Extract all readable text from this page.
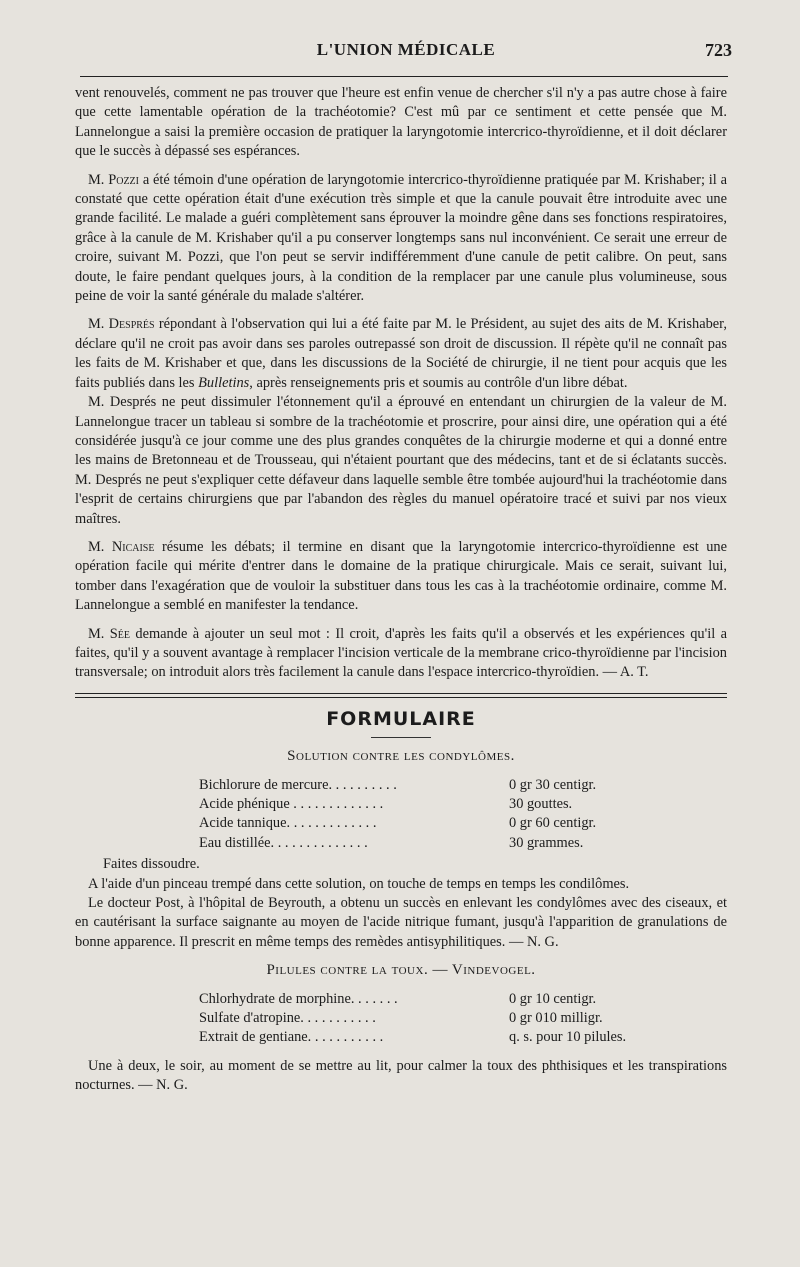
L'UNION MÉDICALE	723

vent renouvelés, comment ne pas trouver que l'heure est enfin venue de chercher s'il n'y a pas autre chose à faire que cette lamentable opération de la trachéotomie? C'est mû par ce sentiment et cette pensée que M. Lannelongue a saisi la première occasion de pratiquer la laryngotomie intercrico-thyroïdienne, et il doit déclarer que le succès à dépassé ses espérances.

M. Pozzi a été témoin d'une opération de laryngotomie intercrico-thyroïdienne pratiquée par M. Krishaber; il a constaté que cette opération était d'une exécution très simple et que la canule pouvait être introduite avec une grande facilité. Le malade a guéri complètement sans éprouver la moindre gêne dans ses fonctions respiratoires, grâce à la canule de M. Krishaber qu'il a pu conserver longtemps sans nul inconvénient. Ce serait une erreur de croire, suivant M. Pozzi, que l'on peut se servir indifféremment d'une canule de petit calibre. On peut, sans doute, le faire pendant quelques jours, à la condition de la remplacer par une canule plus volumineuse, sous peine de voir la santé générale du malade s'altérer.

M. Després répondant à l'observation qui lui a été faite par M. le Président, au sujet des aits de M. Krishaber, déclare qu'il ne croit pas avoir dans ses paroles outrepassé son droit de discussion. Il répète qu'il ne connaît pas les faits de M. Krishaber et que, dans les discussions de la Société de chirurgie, il ne tient pour acquis que les faits publiés dans les Bulletins, après renseignements pris et soumis au contrôle d'un libre débat.

M. Després ne peut dissimuler l'étonnement qu'il a éprouvé en entendant un chirurgien de la valeur de M. Lannelongue tracer un tableau si sombre de la trachéotomie et proscrire, pour ainsi dire, une opération qui a été considérée jusqu'à ce jour comme une des plus grandes conquêtes de la chirurgie moderne et qui a donné entre les mains de Bretonneau et de Trousseau, qui n'étaient pourtant que des médecins, tant et de si éclatants succès. M. Després ne peut s'expliquer cette défaveur dans laquelle semble être tombée aujourd'hui la trachéotomie dans l'esprit de certains chirurgiens que par l'abandon des règles du manuel opératoire tracé et suivi par nos vieux maîtres.

M. Nicaise résume les débats; il termine en disant que la laryngotomie intercrico-thyroïdienne est une opération facile qui mérite d'entrer dans le domaine de la pratique chirurgicale. Mais ce serait, suivant lui, tomber dans l'exagération que de vouloir la substituer dans tous les cas à la trachéotomie ordinaire, comme M. Lannelongue a semblé en manifester la tendance.

M. Sée demande à ajouter un seul mot : Il croit, d'après les faits qu'il a observés et les expériences qu'il a faites, qu'il y a souvent avantage à remplacer l'incision verticale de la membrane crico-thyroïdienne par l'incision transversale; on introduit alors très facilement la canule dans l'espace intercrico-thyroïdien. — A. T.

FORMULAIRE
Solution contre les condylômes.
Bichlorure de mercure. . . . . . . . . .	0 gr 30 centigr.
Acide phénique . . . . . . . . . . . . .	30 gouttes.
Acide tannique. . . . . . . . . . . . .	0 gr 60 centigr.
Eau distillée. . . . . . . . . . . . . .	30 grammes.

Faites dissoudre.

A l'aide d'un pinceau trempé dans cette solution, on touche de temps en temps les condilômes.

Le docteur Post, à l'hôpital de Beyrouth, a obtenu un succès en enlevant les condylômes avec des ciseaux, et en cautérisant la surface saignante au moyen de l'acide nitrique fumant, jusqu'à l'apparition de granulations de bonne apparence. Il prescrit en même temps des remèdes antisyphilitiques. — N. G.

Pilules contre la toux. — Vindevogel.
Chlorhydrate de morphine. . . . . . .	0 gr 10 centigr.
Sulfate d'atropine. . . . . . . . . . .	0 gr 010 milligr.
Extrait de gentiane. . . . . . . . . . .	q. s. pour 10 pilules.

Une à deux, le soir, au moment de se mettre au lit, pour calmer la toux des phthisiques et les transpirations nocturnes. — N. G.
